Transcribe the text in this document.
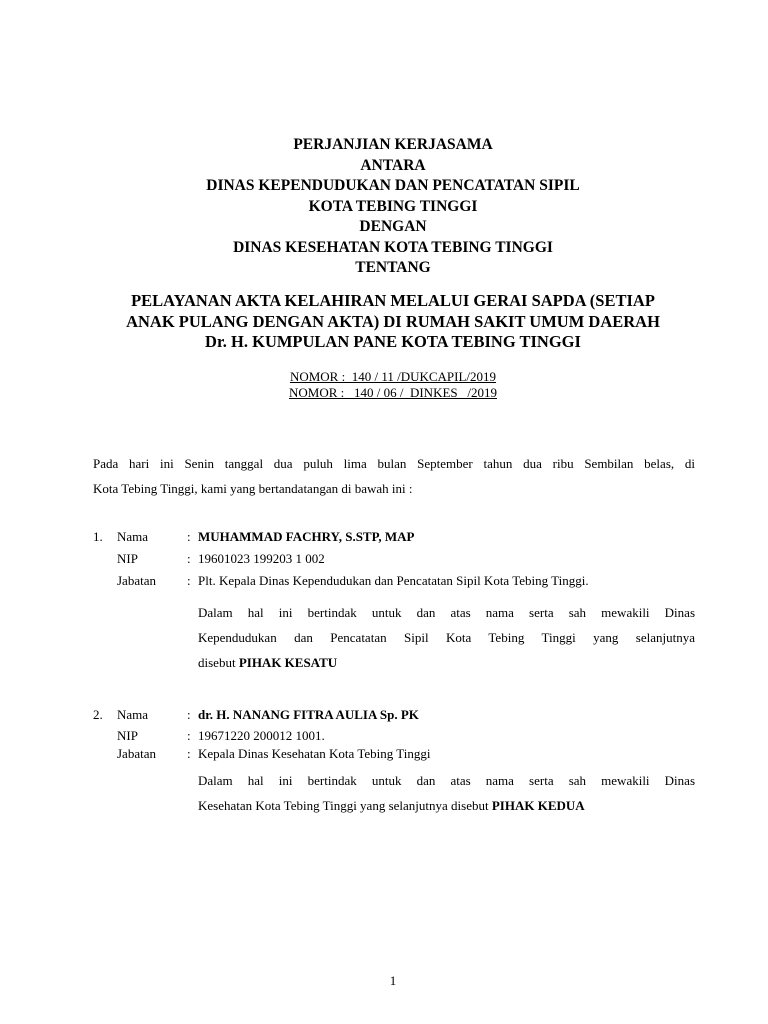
PERJANJIAN KERJASAMA
ANTARA
DINAS KEPENDUDUKAN DAN PENCATATAN SIPIL
KOTA TEBING TINGGI
DENGAN
DINAS KESEHATAN KOTA TEBING TINGGI
TENTANG
PELAYANAN AKTA KELAHIRAN MELALUI GERAI SAPDA (SETIAP
ANAK PULANG DENGAN AKTA) DI RUMAH SAKIT UMUM DAERAH
Dr. H. KUMPULAN PANE KOTA TEBING TINGGI
NOMOR :  140 / 11 /DUKCAPIL/2019
NOMOR :   140 / 06 /  DINKES   /2019
Pada hari ini Senin tanggal dua puluh lima bulan September tahun dua ribu Sembilan belas, di
Kota Tebing Tinggi, kami yang bertandatangan di bawah ini :
1.	Nama	: MUHAMMAD FACHRY, S.STP, MAP
NIP	: 19601023 199203 1 002
Jabatan	: Plt. Kepala Dinas Kependudukan dan Pencatatan Sipil Kota Tebing Tinggi.
Dalam hal ini bertindak untuk dan atas nama serta sah mewakili Dinas
Kependudukan dan Pencatatan Sipil Kota Tebing Tinggi yang selanjutnya
disebut PIHAK KESATU
2.	Nama	: dr. H. NANANG FITRA AULIA Sp. PK
NIP	: 19671220 200012 1001.
Jabatan	: Kepala Dinas Kesehatan Kota Tebing Tinggi
Dalam hal ini bertindak untuk dan atas nama serta sah mewakili Dinas
Kesehatan Kota Tebing Tinggi yang selanjutnya disebut PIHAK KEDUA
1
